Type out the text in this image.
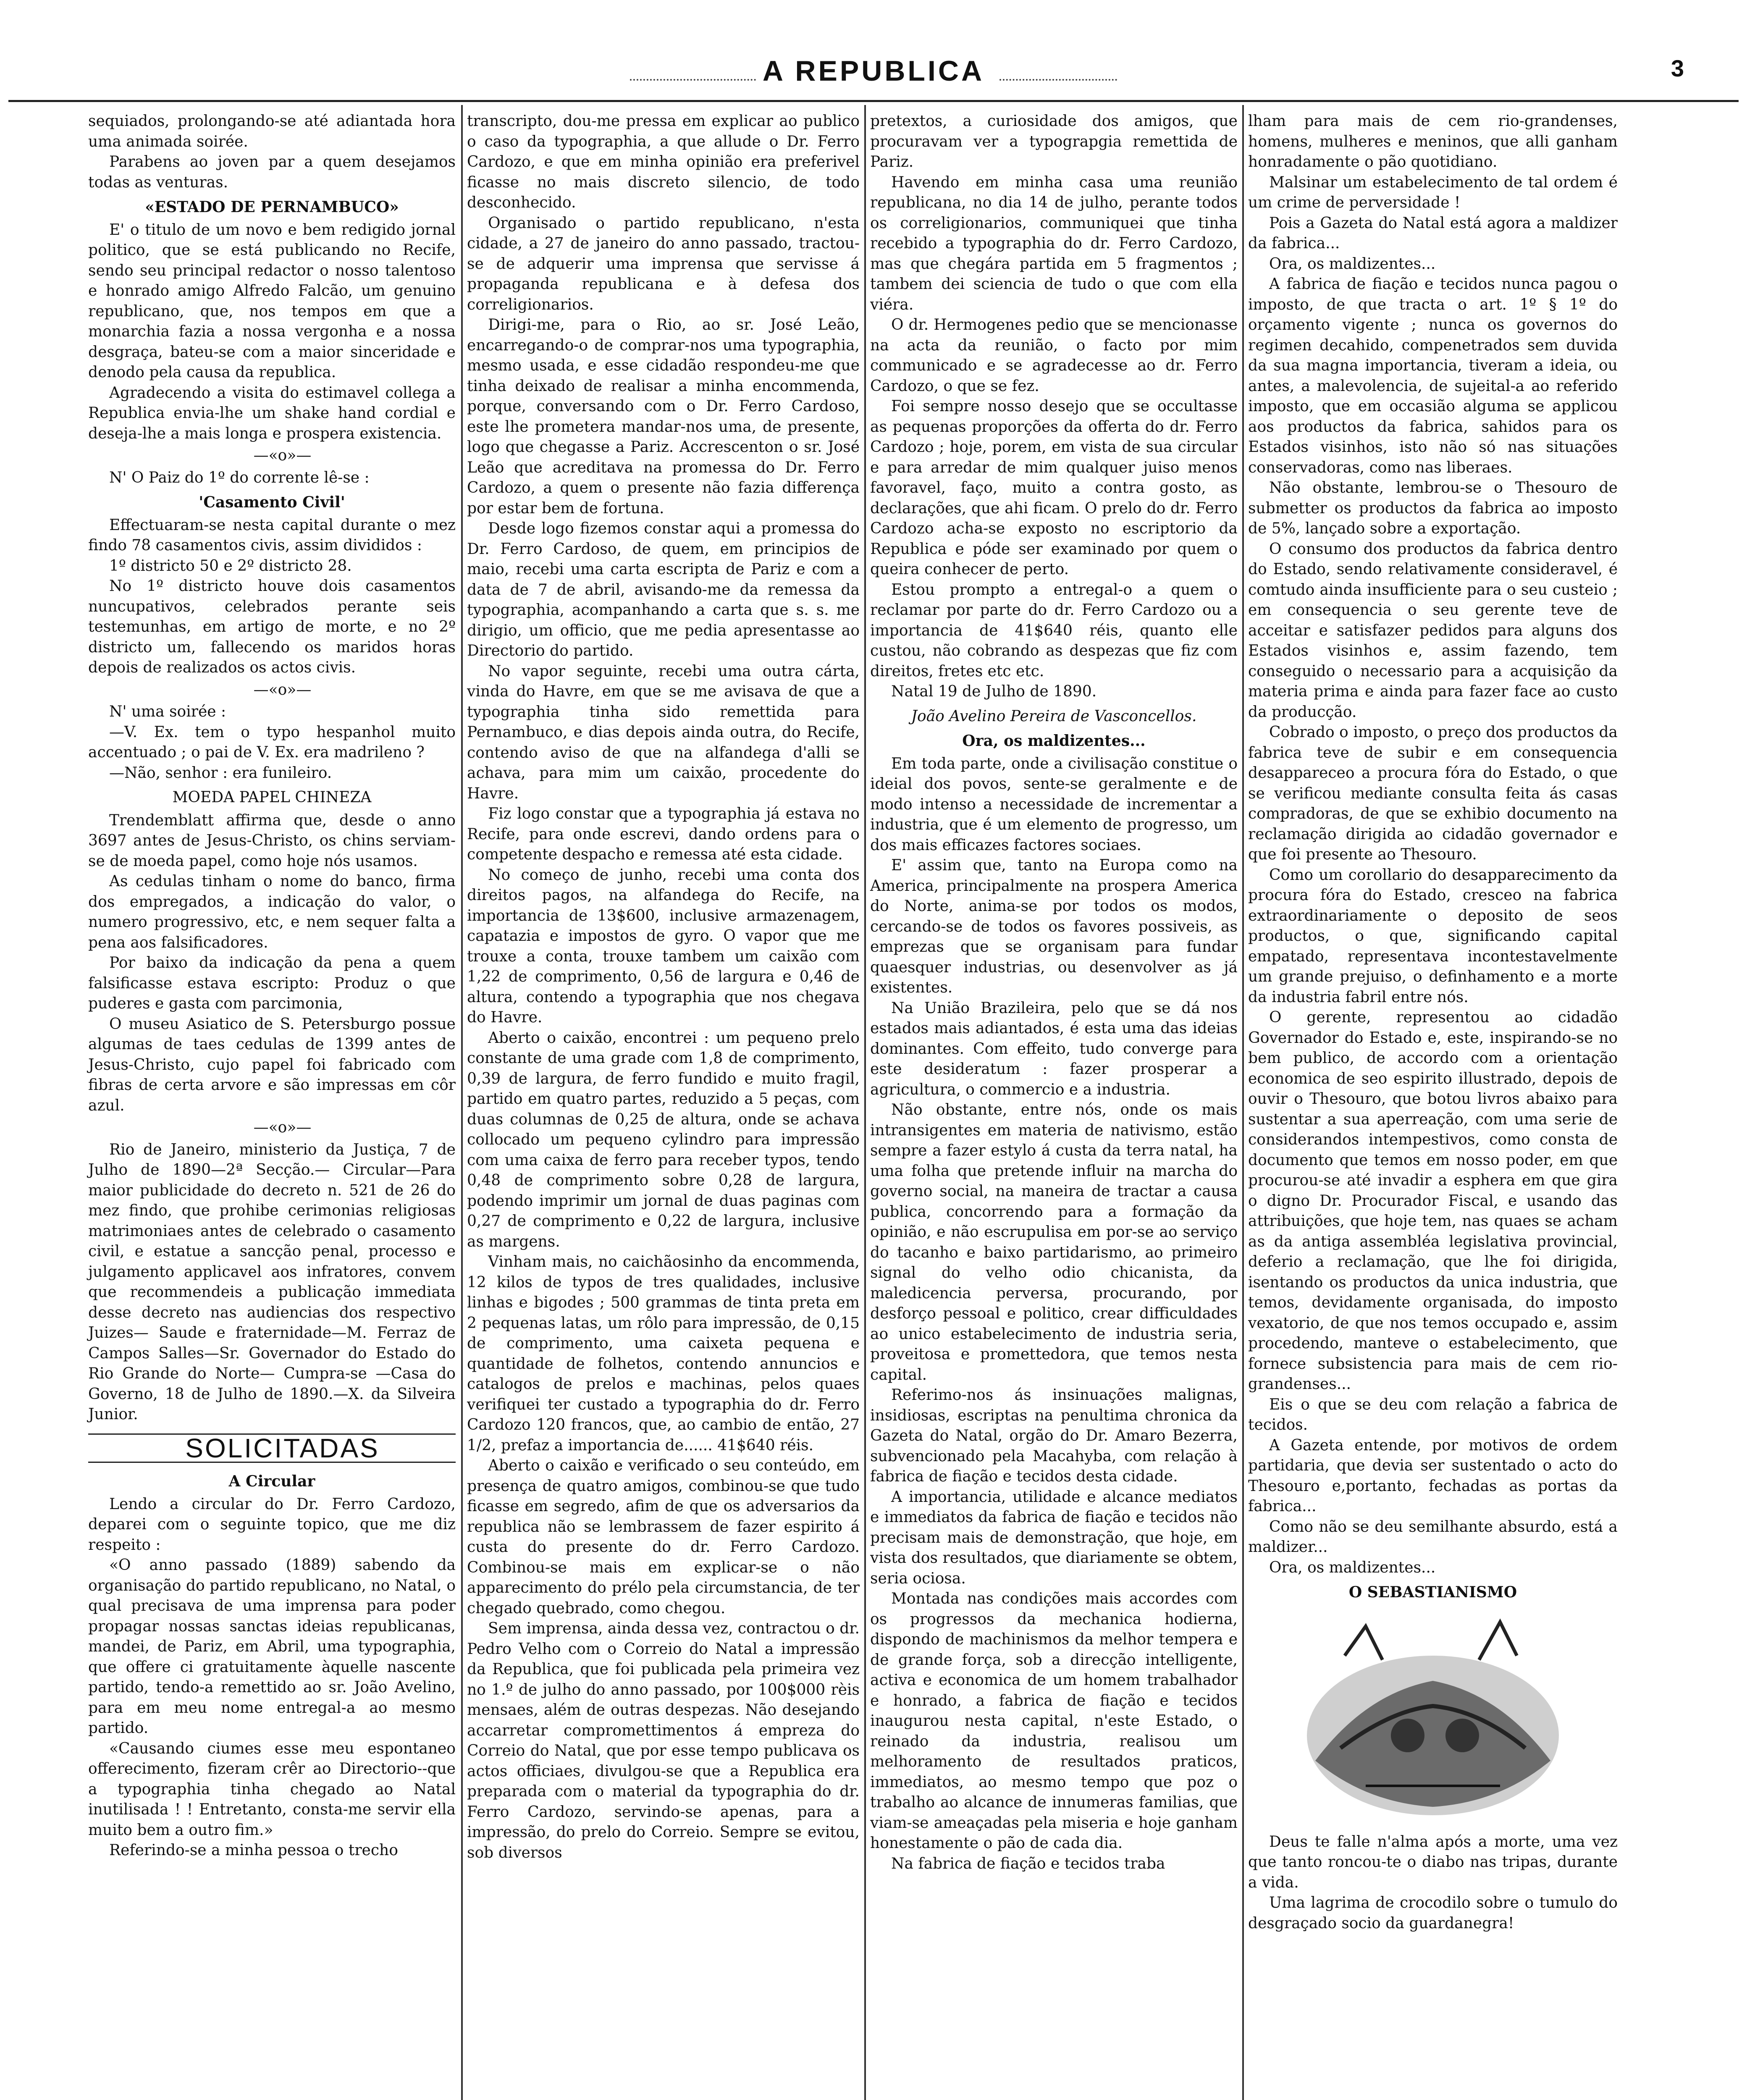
A REPUBLICA	3

sequiados, prolongando-se até adiantada hora uma animada soirée.

Parabens ao joven par a quem desejamos todas as venturas.

«ESTADO DE PERNAMBUCO»

E' o titulo de um novo e bem redigido jornal politico, que se está publicando no Recife, sendo seu principal redactor o nosso talentoso e honrado amigo Alfredo Falcão, um genuino republicano, que, nos tempos em que a monarchia fazia a nossa vergonha e a nossa desgraça, bateu-se com a maior sinceridade e denodo pela causa da republica.

Agradecendo a visita do estimavel collega a Republica envia-lhe um shake hand cordial e deseja-lhe a mais longa e prospera existencia.

—«o»—

N' O Paiz do 1º do corrente lê-se :

'Casamento Civil'

Effectuaram-se nesta capital durante o mez findo 78 casamentos civis, assim divididos :

1º districto 50 e 2º districto 28.

No 1º districto houve dois casamentos nuncupativos, celebrados perante seis testemunhas, em artigo de morte, e no 2º districto um, fallecendo os maridos horas depois de realizados os actos civis.

—«o»—

N' uma soirée :

—V. Ex. tem o typo hespanhol muito accentuado ; o pai de V. Ex. era madrileno ?

—Não, senhor : era funileiro.

MOEDA PAPEL CHINEZA

Trendemblatt affirma que, desde o anno 3697 antes de Jesus-Christo, os chins serviam-se de moeda papel, como hoje nós usamos.

As cedulas tinham o nome do banco, firma dos empregados, a indicação do valor, o numero progressivo, etc, e nem sequer falta a pena aos falsificadores.

Por baixo da indicação da pena a quem falsificasse estava escripto: Produz o que puderes e gasta com parcimonia,

O museu Asiatico de S. Petersburgo possue algumas de taes cedulas de 1399 antes de Jesus-Christo, cujo papel foi fabricado com fibras de certa arvore e são impressas em côr azul.

—«o»—

Rio de Janeiro, ministerio da Justiça, 7 de Julho de 1890—2ª Secção.— Circular—Para maior publicidade do decreto n. 521 de 26 do mez findo, que prohibe cerimonias religiosas matrimoniaes antes de celebrado o casamento civil, e estatue a sancção penal, processo e julgamento applicavel aos infratores, convem que recommendeis a publicação immediata desse decreto nas audiencias dos respectivo Juizes— Saude e fraternidade—M. Ferraz de Campos Salles—Sr. Governador do Estado do Rio Grande do Norte— Cumpra-se —Casa do Governo, 18 de Julho de 1890.—X. da Silveira Junior.

SOLICITADAS

A Circular

Lendo a circular do Dr. Ferro Cardozo, deparei com o seguinte topico, que me diz respeito :

«O anno passado (1889) sabendo da organisação do partido republicano, no Natal, o qual precisava de uma imprensa para poder propagar nossas sanctas ideias republicanas, mandei, de Pariz, em Abril, uma typographia, que offere ci gratuitamente àquelle nascente partido, tendo-a remettido ao sr. João Avelino, para em meu nome entregal-a ao mesmo partido.

«Causando ciumes esse meu espontaneo offerecimento, fizeram crêr ao Directorio--que a typographia tinha chegado ao Natal inutilisada ! ! Entretanto, consta-me servir ella muito bem a outro fim.»

Referindo-se a minha pessoa o trecho

transcripto, dou-me pressa em explicar ao publico o caso da typographia, a que allude o Dr. Ferro Cardozo, e que em minha opinião era preferivel ficasse no mais discreto silencio, de todo desconhecido.

Organisado o partido republicano, n'esta cidade, a 27 de janeiro do anno passado, tractou-se de adquerir uma imprensa que servisse á propaganda republicana e à defesa dos correligionarios.

Dirigi-me, para o Rio, ao sr. José Leão, encarregando-o de comprar-nos uma typographia, mesmo usada, e esse cidadão respondeu-me que tinha deixado de realisar a minha encommenda, porque, conversando com o Dr. Ferro Cardoso, este lhe prometera mandar-nos uma, de presente, logo que chegasse a Pariz. Accrescenton o sr. José Leão que acreditava na promessa do Dr. Ferro Cardozo, a quem o presente não fazia differença por estar bem de fortuna.

Desde logo fizemos constar aqui a promessa do Dr. Ferro Cardoso, de quem, em principios de maio, recebi uma carta escripta de Pariz e com a data de 7 de abril, avisando-me da remessa da typographia, acompanhando a carta que s. s. me dirigio, um officio, que me pedia apresentasse ao Directorio do partido.

No vapor seguinte, recebi uma outra cárta, vinda do Havre, em que se me avisava de que a typographia tinha sido remettida para Pernambuco, e dias depois ainda outra, do Recife, contendo aviso de que na alfandega d'alli se achava, para mim um caixão, procedente do Havre.

Fiz logo constar que a typographia já estava no Recife, para onde escrevi, dando ordens para o competente despacho e remessa até esta cidade.

No começo de junho, recebi uma conta dos direitos pagos, na alfandega do Recife, na importancia de 13$600, inclusive armazenagem, capatazia e impostos de gyro. O vapor que me trouxe a conta, trouxe tambem um caixão com 1,22 de comprimento, 0,56 de largura e 0,46 de altura, contendo a typographia que nos chegava do Havre.

Aberto o caixão, encontrei : um pequeno prelo constante de uma grade com 1,8 de comprimento, 0,39 de largura, de ferro fundido e muito fragil, partido em quatro partes, reduzido a 5 peças, com duas columnas de 0,25 de altura, onde se achava collocado um pequeno cylindro para impressão com uma caixa de ferro para receber typos, tendo 0,48 de comprimento sobre 0,28 de largura, podendo imprimir um jornal de duas paginas com 0,27 de comprimento e 0,22 de largura, inclusive as margens.

Vinham mais, no caichãosinho da encommenda, 12 kilos de typos de tres qualidades, inclusive linhas e bigodes ; 500 grammas de tinta preta em 2 pequenas latas, um rôlo para impressão, de 0,15 de comprimento, uma caixeta pequena e quantidade de folhetos, contendo annuncios e catalogos de prelos e machinas, pelos quaes verifiquei ter custado a typographia do dr. Ferro Cardozo 120 francos, que, ao cambio de então, 27 1/2, prefaz a importancia de...... 41$640 réis.

Aberto o caixão e verificado o seu conteúdo, em presença de quatro amigos, combinou-se que tudo ficasse em segredo, afim de que os adversarios da republica não se lembrassem de fazer espirito á custa do presente do dr. Ferro Cardozo. Combinou-se mais em explicar-se o não apparecimento do prélo pela circumstancia, de ter chegado quebrado, como chegou.

Sem imprensa, ainda dessa vez, contractou o dr. Pedro Velho com o Correio do Natal a impressão da Republica, que foi publicada pela primeira vez no 1.º de julho do anno passado, por 100$000 rèis mensaes, além de outras despezas. Não desejando accarretar compromettimentos á empreza do Correio do Natal, que por esse tempo publicava os actos officiaes, divulgou-se que a Republica era preparada com o material da typographia do dr. Ferro Cardozo, servindo-se apenas, para a impressão, do prelo do Correio. Sempre se evitou, sob diversos

pretextos, a curiosidade dos amigos, que procuravam ver a typograpgia remettida de Pariz.

Havendo em minha casa uma reunião republicana, no dia 14 de julho, perante todos os correligionarios, communiquei que tinha recebido a typographia do dr. Ferro Cardozo, mas que chegára partida em 5 fragmentos ; tambem dei sciencia de tudo o que com ella viéra.

O dr. Hermogenes pedio que se mencionasse na acta da reunião, o facto por mim communicado e se agradecesse ao dr. Ferro Cardozo, o que se fez.

Foi sempre nosso desejo que se occultasse as pequenas proporções da offerta do dr. Ferro Cardozo ; hoje, porem, em vista de sua circular e para arredar de mim qualquer juiso menos favoravel, faço, muito a contra gosto, as declarações, que ahi ficam. O prelo do dr. Ferro Cardozo acha-se exposto no escriptorio da Republica e póde ser examinado por quem o queira conhecer de perto.

Estou prompto a entregal-o a quem o reclamar por parte do dr. Ferro Cardozo ou a importancia de 41$640 réis, quanto elle custou, não cobrando as despezas que fiz com direitos, fretes etc etc.

Natal 19 de Julho de 1890.

João Avelino Pereira de Vasconcellos.

Ora, os maldizentes...

Em toda parte, onde a civilisação constitue o ideial dos povos, sente-se geralmente e de modo intenso a necessidade de incrementar a industria, que é um elemento de progresso, um dos mais efficazes factores sociaes.

E' assim que, tanto na Europa como na America, principalmente na prospera America do Norte, anima-se por todos os modos, cercando-se de todos os favores possiveis, as emprezas que se organisam para fundar quaesquer industrias, ou desenvolver as já existentes.

Na União Brazileira, pelo que se dá nos estados mais adiantados, é esta uma das ideias dominantes. Com effeito, tudo converge para este desideratum : fazer prosperar a agricultura, o commercio e a industria.

Não obstante, entre nós, onde os mais intransigentes em materia de nativismo, estão sempre a fazer estylo á custa da terra natal, ha uma folha que pretende influir na marcha do governo social, na maneira de tractar a causa publica, concorrendo para a formação da opinião, e não escrupulisa em por-se ao serviço do tacanho e baixo partidarismo, ao primeiro signal do velho odio chicanista, da maledicencia perversa, procurando, por desforço pessoal e politico, crear difficuldades ao unico estabelecimento de industria seria, proveitosa e promettedora, que temos nesta capital.

Referimo-nos ás insinuações malignas, insidiosas, escriptas na penultima chronica da Gazeta do Natal, orgão do Dr. Amaro Bezerra, subvencionado pela Macahyba, com relação à fabrica de fiação e tecidos desta cidade.

A importancia, utilidade e alcance mediatos e immediatos da fabrica de fiação e tecidos não precisam mais de demonstração, que hoje, em vista dos resultados, que diariamente se obtem, seria ociosa.

Montada nas condições mais accordes com os progressos da mechanica hodierna, dispondo de machinismos da melhor tempera e de grande força, sob a direcção intelligente, activa e economica de um homem trabalhador e honrado, a fabrica de fiação e tecidos inaugurou nesta capital, n'este Estado, o reinado da industria, realisou um melhoramento de resultados praticos, immediatos, ao mesmo tempo que poz o trabalho ao alcance de innumeras familias, que viam-se ameaçadas pela miseria e hoje ganham honestamente o pão de cada dia.

Na fabrica de fiação e tecidos traba

lham para mais de cem rio-grandenses, homens, mulheres e meninos, que alli ganham honradamente o pão quotidiano.

Malsinar um estabelecimento de tal ordem é um crime de perversidade !

Pois a Gazeta do Natal está agora a maldizer da fabrica...

Ora, os maldizentes...

A fabrica de fiação e tecidos nunca pagou o imposto, de que tracta o art. 1º § 1º do orçamento vigente ; nunca os governos do regimen decahido, compenetrados sem duvida da sua magna importancia, tiveram a ideia, ou antes, a malevolencia, de sujeital-a ao referido imposto, que em occasião alguma se applicou aos productos da fabrica, sahidos para os Estados visinhos, isto não só nas situações conservadoras, como nas liberaes.

Não obstante, lembrou-se o Thesouro de submetter os productos da fabrica ao imposto de 5%, lançado sobre a exportação.

O consumo dos productos da fabrica dentro do Estado, sendo relativamente consideravel, é comtudo ainda insufficiente para o seu custeio ; em consequencia o seu gerente teve de acceitar e satisfazer pedidos para alguns dos Estados visinhos e, assim fazendo, tem conseguido o necessario para a acquisição da materia prima e ainda para fazer face ao custo da producção.

Cobrado o imposto, o preço dos productos da fabrica teve de subir e em consequencia desappareceo a procura fóra do Estado, o que se verificou mediante consulta feita ás casas compradoras, de que se exhibio documento na reclamação dirigida ao cidadão governador e que foi presente ao Thesouro.

Como um corollario do desapparecimento da procura fóra do Estado, cresceo na fabrica extraordinariamente o deposito de seos productos, o que, significando capital empatado, representava incontestavelmente um grande prejuiso, o definhamento e a morte da industria fabril entre nós.

O gerente, representou ao cidadão Governador do Estado e, este, inspirando-se no bem publico, de accordo com a orientação economica de seo espirito illustrado, depois de ouvir o Thesouro, que botou livros abaixo para sustentar a sua aperreação, com uma serie de considerandos intempestivos, como consta de documento que temos em nosso poder, em que procurou-se até invadir a esphera em que gira o digno Dr. Procurador Fiscal, e usando das attribuições, que hoje tem, nas quaes se acham as da antiga assembléa legislativa provincial, deferio a reclamação, que lhe foi dirigida, isentando os productos da unica industria, que temos, devidamente organisada, do imposto vexatorio, de que nos temos occupado e, assim procedendo, manteve o estabelecimento, que fornece subsistencia para mais de cem rio-grandenses...

Eis o que se deu com relação a fabrica de tecidos.

A Gazeta entende, por motivos de ordem partidaria, que devia ser sustentado o acto do Thesouro e,portanto, fechadas as portas da fabrica...

Como não se deu semilhante absurdo, está a maldizer...

Ora, os maldizentes...

O SEBASTIANISMO

Deus te falle n'alma após a morte, uma vez que tanto roncou-te o diabo nas tripas, durante a vida.

Uma lagrima de crocodilo sobre o tumulo do desgraçado socio da guardanegra!
